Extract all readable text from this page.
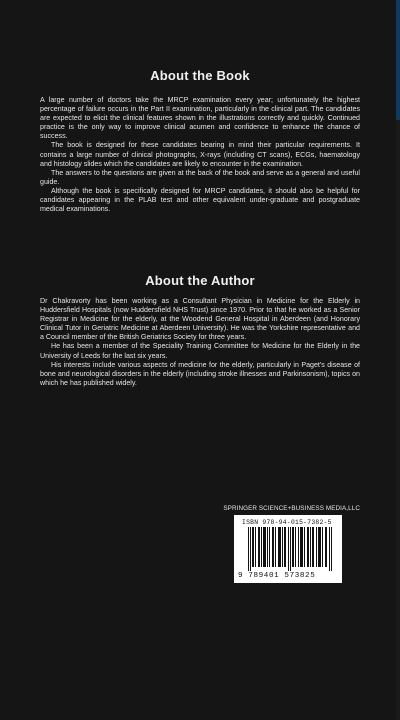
About the Book

A large number of doctors take the MRCP examination every year; unfortunately the highest percentage of failure occurs in the Part II examination, particularly in the clinical part. The candidates are expected to elicit the clinical features shown in the illustrations correctly and quickly. Continued practice is the only way to improve clinical acumen and confidence to enhance the chance of success.

The book is designed for these candidates bearing in mind their particular requirements. It contains a large number of clinical photographs, X-rays (including CT scans), ECGs, haematology and histology slides which the candidates are likely to encounter in the examination.

The answers to the questions are given at the back of the book and serve as a general and useful guide.

Although the book is specifically designed for MRCP candidates, it should also be helpful for candidates appearing in the PLAB test and other equivalent under-graduate and postgraduate medical examinations.

About the Author

Dr Chakravorty has been working as a Consultant Physician in Medicine for the Elderly in Huddersfield Hospitals (now Huddersfield NHS Trust) since 1970. Prior to that he worked as a Senior Registrar in Medicine for the elderly, at the Woodend General Hospital in Aberdeen (and Honorary Clinical Tutor in Geriatric Medicine at Aberdeen University). He was the Yorkshire representative and a Council member of the British Geriatrics Society for three years.

He has been a member of the Speciality Training Committee for Medicine for the Elderly in the University of Leeds for the last six years.

His interests include various aspects of medicine for the elderly, particularly in Paget's disease of bone and neurological disorders in the elderly (including stroke illnesses and Parkinsonism), topics on which he has published widely.

SPRINGER SCIENCE+BUSINESS MEDIA,LLC
ISBN 978-94-015-7382-5
9 789401 573825
